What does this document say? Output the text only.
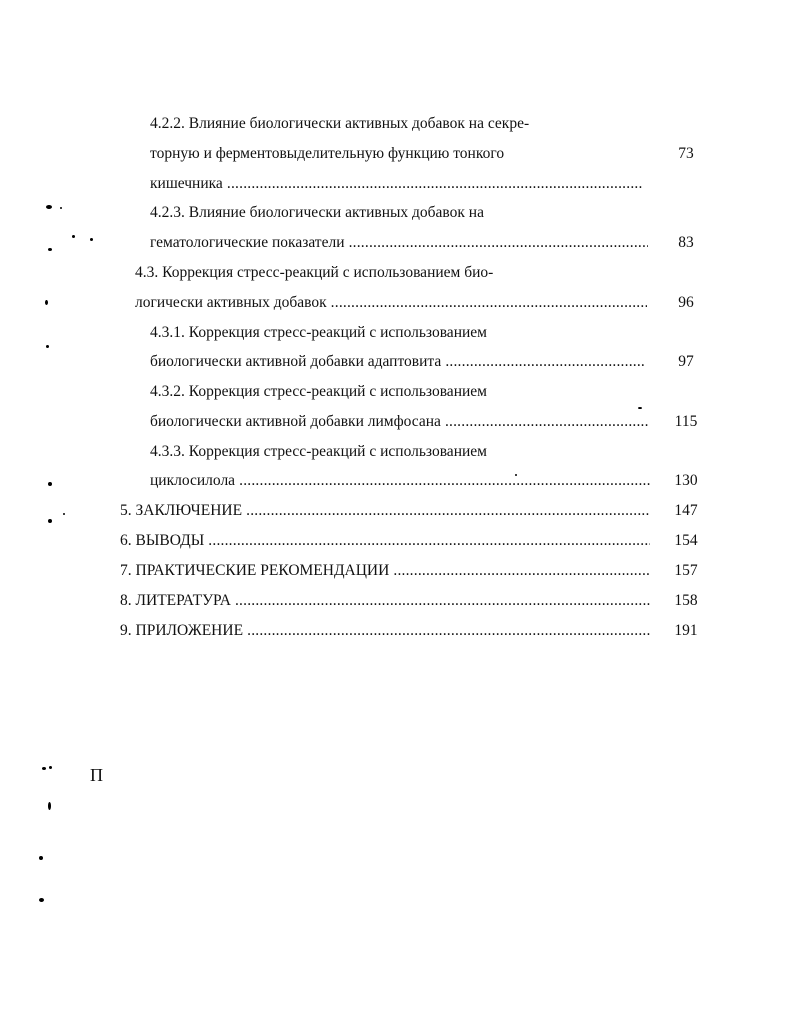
4.2.2. Влияние биологически активных добавок на секре-
торную и ферментовыделительную функцию тонкого	73
кишечника .....
4.2.3. Влияние биологически активных добавок на
гематологические показатели .....	83
4.3. Коррекция стресс-реакций с использованием био-
логически активных добавок .....	96
4.3.1. Коррекция стресс-реакций с использованием
биологически активной добавки адаптовита .....	97
4.3.2. Коррекция стресс-реакций с использованием
биологически активной добавки лимфосана .....	115
4.3.3. Коррекция стресс-реакций с использованием
циклосилола .....	130
5. ЗАКЛЮЧЕНИЕ .....	147
6. ВЫВОДЫ .....	154
7. ПРАКТИЧЕСКИЕ РЕКОМЕНДАЦИИ .....	157
8. ЛИТЕРАТУРА .....	158
9. ПРИЛОЖЕНИЕ .....	191
П
